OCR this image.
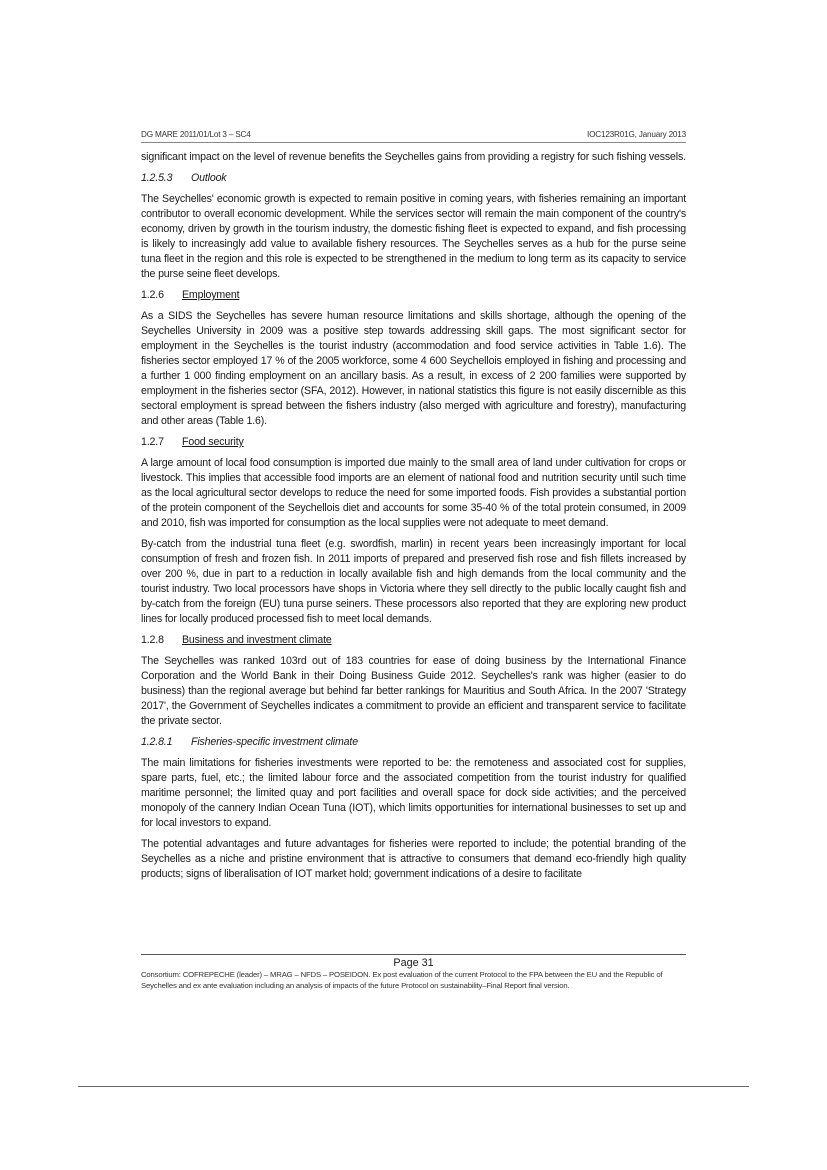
DG MARE 2011/01/Lot 3 – SC4	IOC123R01G, January 2013

significant impact on the level of revenue benefits the Seychelles gains from providing a registry for such fishing vessels.

1.2.5.3 Outlook

The Seychelles' economic growth is expected to remain positive in coming years, with fisheries remaining an important contributor to overall economic development. While the services sector will remain the main component of the country's economy, driven by growth in the tourism industry, the domestic fishing fleet is expected to expand, and fish processing is likely to increasingly add value to available fishery resources. The Seychelles serves as a hub for the purse seine tuna fleet in the region and this role is expected to be strengthened in the medium to long term as its capacity to service the purse seine fleet develops.

1.2.6 Employment

As a SIDS the Seychelles has severe human resource limitations and skills shortage, although the opening of the Seychelles University in 2009 was a positive step towards addressing skill gaps. The most significant sector for employment in the Seychelles is the tourist industry (accommodation and food service activities in Table 1.6). The fisheries sector employed 17 % of the 2005 workforce, some 4 600 Seychellois employed in fishing and processing and a further 1 000 finding employment on an ancillary basis. As a result, in excess of 2 200 families were supported by employment in the fisheries sector (SFA, 2012). However, in national statistics this figure is not easily discernible as this sectoral employment is spread between the fishers industry (also merged with agriculture and forestry), manufacturing and other areas (Table 1.6).

1.2.7 Food security

A large amount of local food consumption is imported due mainly to the small area of land under cultivation for crops or livestock. This implies that accessible food imports are an element of national food and nutrition security until such time as the local agricultural sector develops to reduce the need for some imported foods. Fish provides a substantial portion of the protein component of the Seychellois diet and accounts for some 35-40 % of the total protein consumed, in 2009 and 2010, fish was imported for consumption as the local supplies were not adequate to meet demand.

By-catch from the industrial tuna fleet (e.g. swordfish, marlin) in recent years been increasingly important for local consumption of fresh and frozen fish. In 2011 imports of prepared and preserved fish rose and fish fillets increased by over 200 %, due in part to a reduction in locally available fish and high demands from the local community and the tourist industry. Two local processors have shops in Victoria where they sell directly to the public locally caught fish and by-catch from the foreign (EU) tuna purse seiners. These processors also reported that they are exploring new product lines for locally produced processed fish to meet local demands.

1.2.8 Business and investment climate

The Seychelles was ranked 103rd out of 183 countries for ease of doing business by the International Finance Corporation and the World Bank in their Doing Business Guide 2012. Seychelles's rank was higher (easier to do business) than the regional average but behind far better rankings for Mauritius and South Africa. In the 2007 'Strategy 2017', the Government of Seychelles indicates a commitment to provide an efficient and transparent service to facilitate the private sector.

1.2.8.1 Fisheries-specific investment climate

The main limitations for fisheries investments were reported to be: the remoteness and associated cost for supplies, spare parts, fuel, etc.; the limited labour force and the associated competition from the tourist industry for qualified maritime personnel; the limited quay and port facilities and overall space for dock side activities; and the perceived monopoly of the cannery Indian Ocean Tuna (IOT), which limits opportunities for international businesses to set up and for local investors to expand.

The potential advantages and future advantages for fisheries were reported to include; the potential branding of the Seychelles as a niche and pristine environment that is attractive to consumers that demand eco-friendly high quality products; signs of liberalisation of IOT market hold; government indications of a desire to facilitate

Page 31
Consortium: COFREPECHE (leader) – MRAG – NFDS – POSEIDON. Ex post evaluation of the current Protocol to the FPA between the EU and the Republic of Seychelles and ex ante evaluation including an analysis of impacts of the future Protocol on sustainability–Final Report final version.
